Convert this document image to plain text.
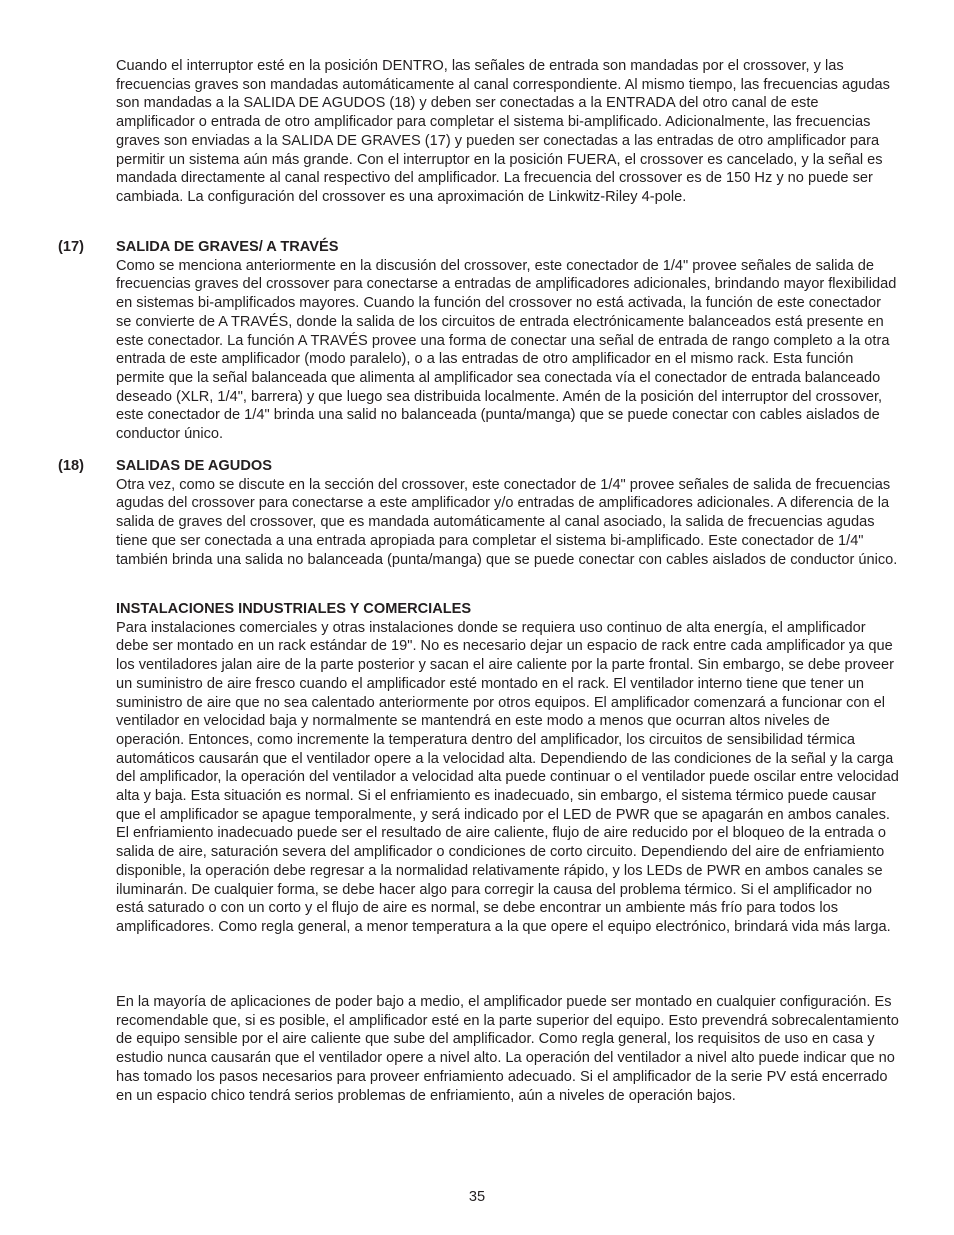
Cuando el interruptor esté en la posición DENTRO, las señales de entrada son mandadas por el crossover, y las frecuencias graves son mandadas automáticamente al canal correspondiente. Al mismo tiempo, las frecuencias agudas son mandadas a la SALIDA DE AGUDOS (18) y deben ser conectadas a la ENTRADA del otro canal de este amplificador o entrada de otro amplificador para completar el sistema bi-amplificado. Adicionalmente, las frecuencias graves son enviadas a la SALIDA DE GRAVES (17) y pueden ser conectadas a las entradas de otro amplificador para permitir un sistema aún más grande. Con el interruptor en la posición FUERA, el crossover es cancelado, y la señal es mandada directamente al canal respectivo del amplificador. La frecuencia del crossover es de 150 Hz y no puede ser cambiada. La configuración del crossover es una aproximación de Linkwitz-Riley 4-pole.

(17) SALIDA DE GRAVES/ A TRAVÉS
Como se menciona anteriormente en la discusión del crossover, este conectador de 1/4" provee señales de salida de frecuencias graves del crossover para conectarse a entradas de amplificadores adicionales, brindando mayor flexibilidad en sistemas bi-amplificados mayores. Cuando la función del crossover no está activada, la función de este conectador se convierte de A TRAVÉS, donde la salida de los circuitos de entrada electrónicamente balanceados está presente en este conectador. La función A TRAVÉS provee una forma de conectar una señal de entrada de rango completo a la otra entrada de este amplificador (modo paralelo), o a las entradas de otro amplificador en el mismo rack. Esta función permite que la señal balanceada que alimenta al amplificador sea conectada vía el conectador de entrada balanceado deseado (XLR, 1/4", barrera) y que luego sea distribuida localmente. Amén de la posición del interruptor del crossover, este conectador de 1/4" brinda una salid no balanceada (punta/manga) que se puede conectar con cables aislados de conductor único.
(18) SALIDAS DE AGUDOS
Otra vez, como se discute en la sección del crossover, este conectador de 1/4" provee señales de salida de frecuencias agudas del crossover para conectarse a este amplificador y/o entradas de amplificadores adicionales. A diferencia de la salida de graves del crossover, que es mandada automáticamente al canal asociado, la salida de frecuencias agudas tiene que ser conectada a una entrada apropiada para completar el sistema bi-amplificado. Este conectador de 1/4" también brinda una salida no balanceada (punta/manga) que se puede conectar con cables aislados de conductor único.
INSTALACIONES INDUSTRIALES Y COMERCIALES
Para instalaciones comerciales y otras instalaciones donde se requiera uso continuo de alta energía, el amplificador debe ser montado en un rack estándar de 19". No es necesario dejar un espacio de rack entre cada amplificador ya que los ventiladores jalan aire de la parte posterior y sacan el aire caliente por la parte frontal. Sin embargo, se debe proveer un suministro de aire fresco cuando el amplificador esté montado en el rack. El ventilador interno tiene que tener un suministro de aire que no sea calentado anteriormente por otros equipos. El amplificador comenzará a funcionar con el ventilador en velocidad baja y normalmente se mantendrá en este modo a menos que ocurran altos niveles de operación. Entonces, como incremente la temperatura dentro del amplificador, los circuitos de sensibilidad térmica automáticos causarán que el ventilador opere a la velocidad alta. Dependiendo de las condiciones de la señal y la carga del amplificador, la operación del ventilador a velocidad alta puede continuar o el ventilador puede oscilar entre velocidad alta y baja. Esta situación es normal. Si el enfriamiento es inadecuado, sin embargo, el sistema térmico puede causar que el amplificador se apague temporalmente, y será indicado por el LED de PWR que se apagarán en ambos canales. El enfriamiento inadecuado puede ser el resultado de aire caliente, flujo de aire reducido por el bloqueo de la entrada o salida de aire, saturación severa del amplificador o condiciones de corto circuito. Dependiendo del aire de enfriamiento disponible, la operación debe regresar a la normalidad relativamente rápido, y los LEDs de PWR en ambos canales se iluminarán. De cualquier forma, se debe hacer algo para corregir la causa del problema térmico. Si el amplificador no está saturado o con un corto y el flujo de aire es normal, se debe encontrar un ambiente más frío para todos los amplificadores. Como regla general, a menor temperatura a la que opere el equipo electrónico, brindará vida más larga.
En la mayoría de aplicaciones de poder bajo a medio, el amplificador puede ser montado en cualquier configuración. Es recomendable que, si es posible, el amplificador esté en la parte superior del equipo. Esto prevendrá sobrecalentamiento de equipo sensible por el aire caliente que sube del amplificador. Como regla general, los requisitos de uso en casa y estudio nunca causarán que el ventilador opere a nivel alto. La operación del ventilador a nivel alto puede indicar que no has tomado los pasos necesarios para proveer enfriamiento adecuado. Si el amplificador de la serie PV está encerrado en un espacio chico tendrá serios problemas de enfriamiento, aún a niveles de operación bajos.
35
